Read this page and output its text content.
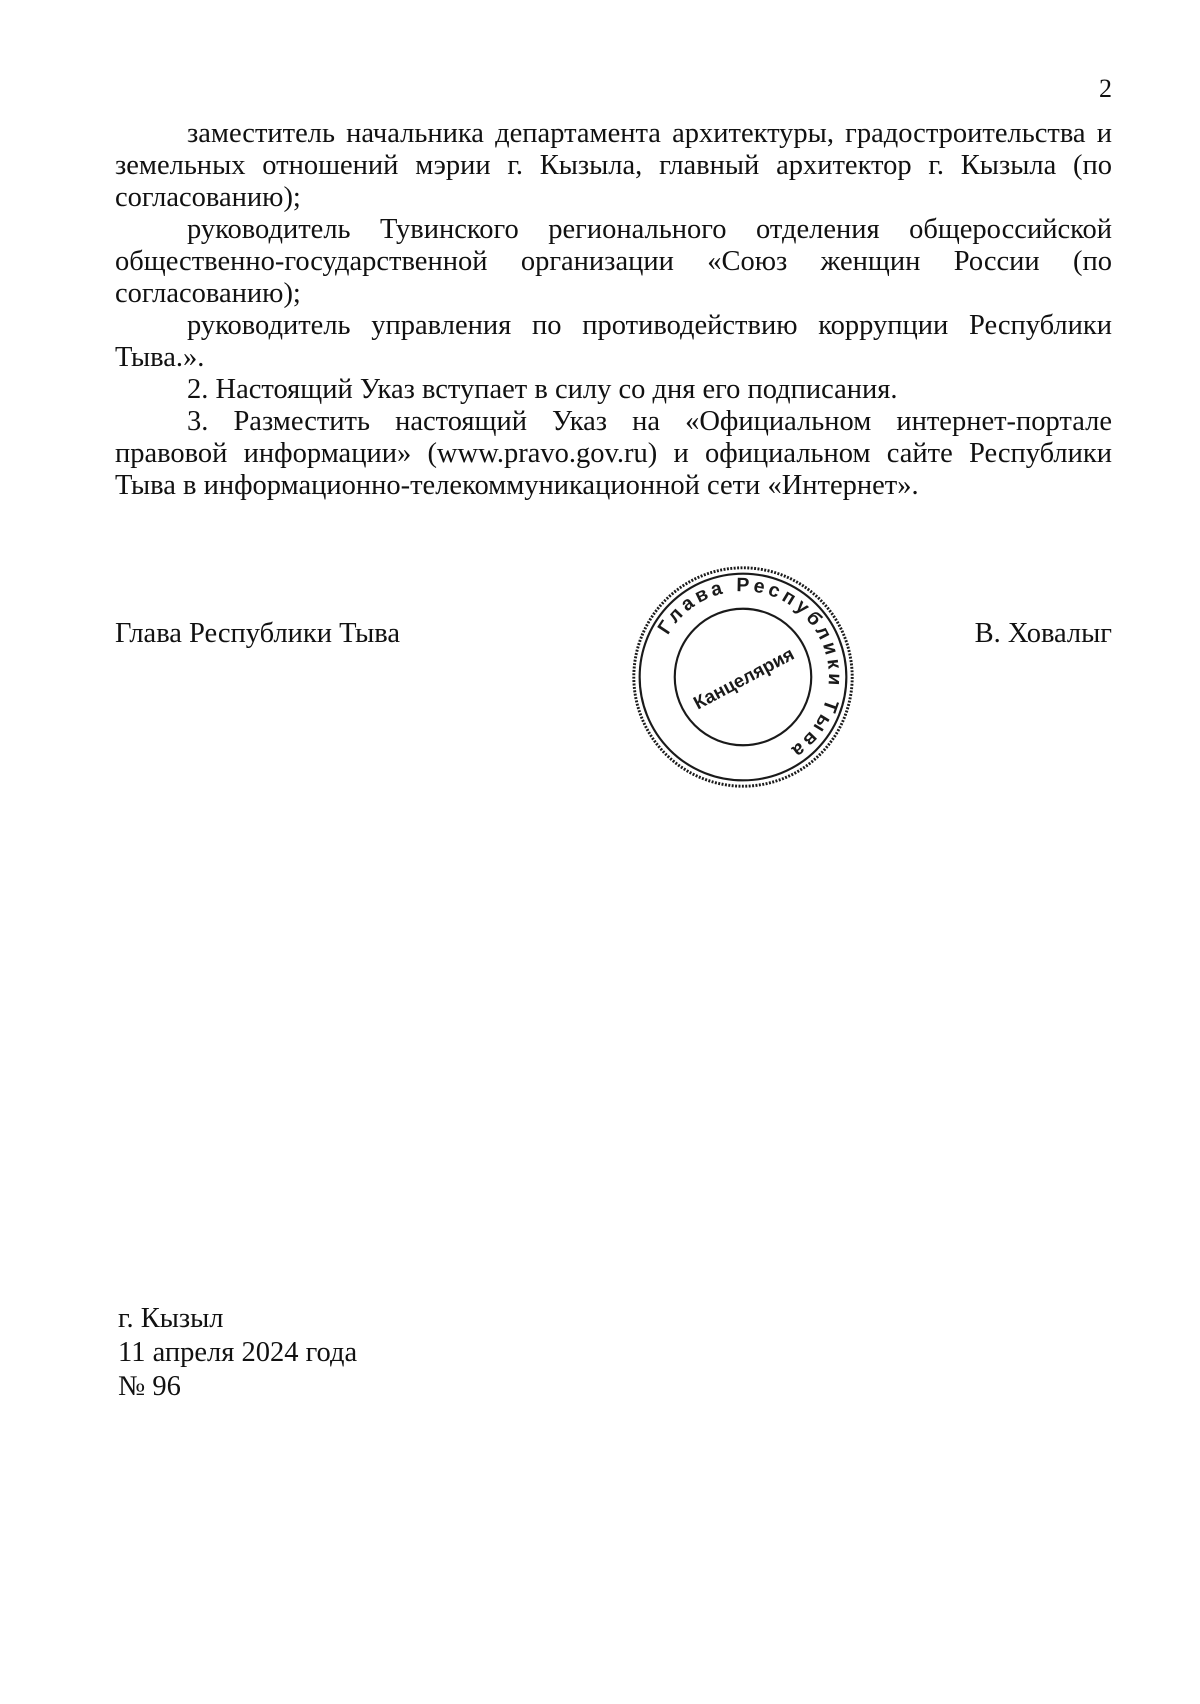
2

заместитель начальника департамента архитектуры, градостроительства и земельных отношений мэрии г. Кызыла, главный архитектор г. Кызыла (по согласованию);

руководитель Тувинского регионального отделения общероссийской общественно-государственной организации «Союз женщин России (по согласованию);

руководитель управления по противодействию коррупции Республики Тыва.».

2. Настоящий Указ вступает в силу со дня его подписания.

3. Разместить настоящий Указ на «Официальном интернет-портале правовой информации» (www.pravo.gov.ru) и официальном сайте Республики Тыва в информационно-телекоммуникационной сети «Интернет».

Глава Республики Тыва	Глава Республики Тыва
Канцелярия
В. Ховалыг
г. Кызыл
11 апреля 2024 года
№ 96
